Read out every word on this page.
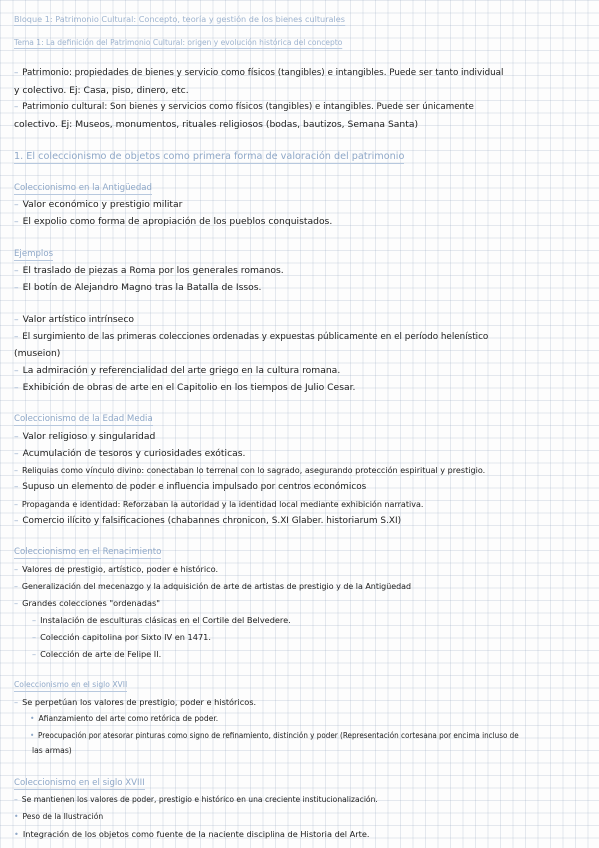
Bloque 1: Patrimonio Cultural: Concepto, teoría y gestión de los bienes culturales
Tema 1: La definición del Patrimonio Cultural: origen y evolución histórica del concepto
– Patrimonio: propiedades de bienes y servicio como físicos (tangibles) e intangibles. Puede ser tanto individual
y colectivo. Ej: Casa, piso, dinero, etc.
– Patrimonio cultural: Son bienes y servicios como físicos (tangibles) e intangibles. Puede ser únicamente
colectivo. Ej: Museos, monumentos, rituales religiosos (bodas, bautizos, Semana Santa)
1. El coleccionismo de objetos como primera forma de valoración del patrimonio
Coleccionismo en la Antigüedad
– Valor económico y prestigio militar
– El expolio como forma de apropiación de los pueblos conquistados.
Ejemplos
– El traslado de piezas a Roma por los generales romanos.
– El botín de Alejandro Magno tras la Batalla de Issos.
– Valor artístico intrínseco
– El surgimiento de las primeras colecciones ordenadas y expuestas públicamente en el período helenístico
(museion)
– La admiración y referencialidad del arte griego en la cultura romana.
– Exhibición de obras de arte en el Capitolio en los tiempos de Julio Cesar.
Coleccionismo de la Edad Media
– Valor religioso y singularidad
– Acumulación de tesoros y curiosidades exóticas.
– Reliquias como vínculo divino: conectaban lo terrenal con lo sagrado, asegurando protección espiritual y prestigio.
– Supuso un elemento de poder e influencia impulsado por centros económicos
– Propaganda e identidad: Reforzaban la autoridad y la identidad local mediante exhibición narrativa.
– Comercio ilícito y falsificaciones (chabannes chronicon, S.XI Glaber. historiarum S.XI)
Coleccionismo en el Renacimiento
– Valores de prestigio, artístico, poder e histórico.
– Generalización del mecenazgo y la adquisición de arte de artistas de prestigio y de la Antigüedad
– Grandes colecciones "ordenadas"
– Instalación de esculturas clásicas en el Cortile del Belvedere.
– Colección capitolina por Sixto IV en 1471.
– Colección de arte de Felipe II.
Coleccionismo en el siglo XVII
– Se perpetúan los valores de prestigio, poder e históricos.
• Afianzamiento del arte como retórica de poder.
• Preocupación por atesorar pinturas como signo de refinamiento, distinción y poder (Representación cortesana por encima incluso de
las armas)
Coleccionismo en el siglo XVIII
– Se mantienen los valores de poder, prestigio e histórico en una creciente institucionalización.
• Peso de la Ilustración
• Integración de los objetos como fuente de la naciente disciplina de Historia del Arte.
